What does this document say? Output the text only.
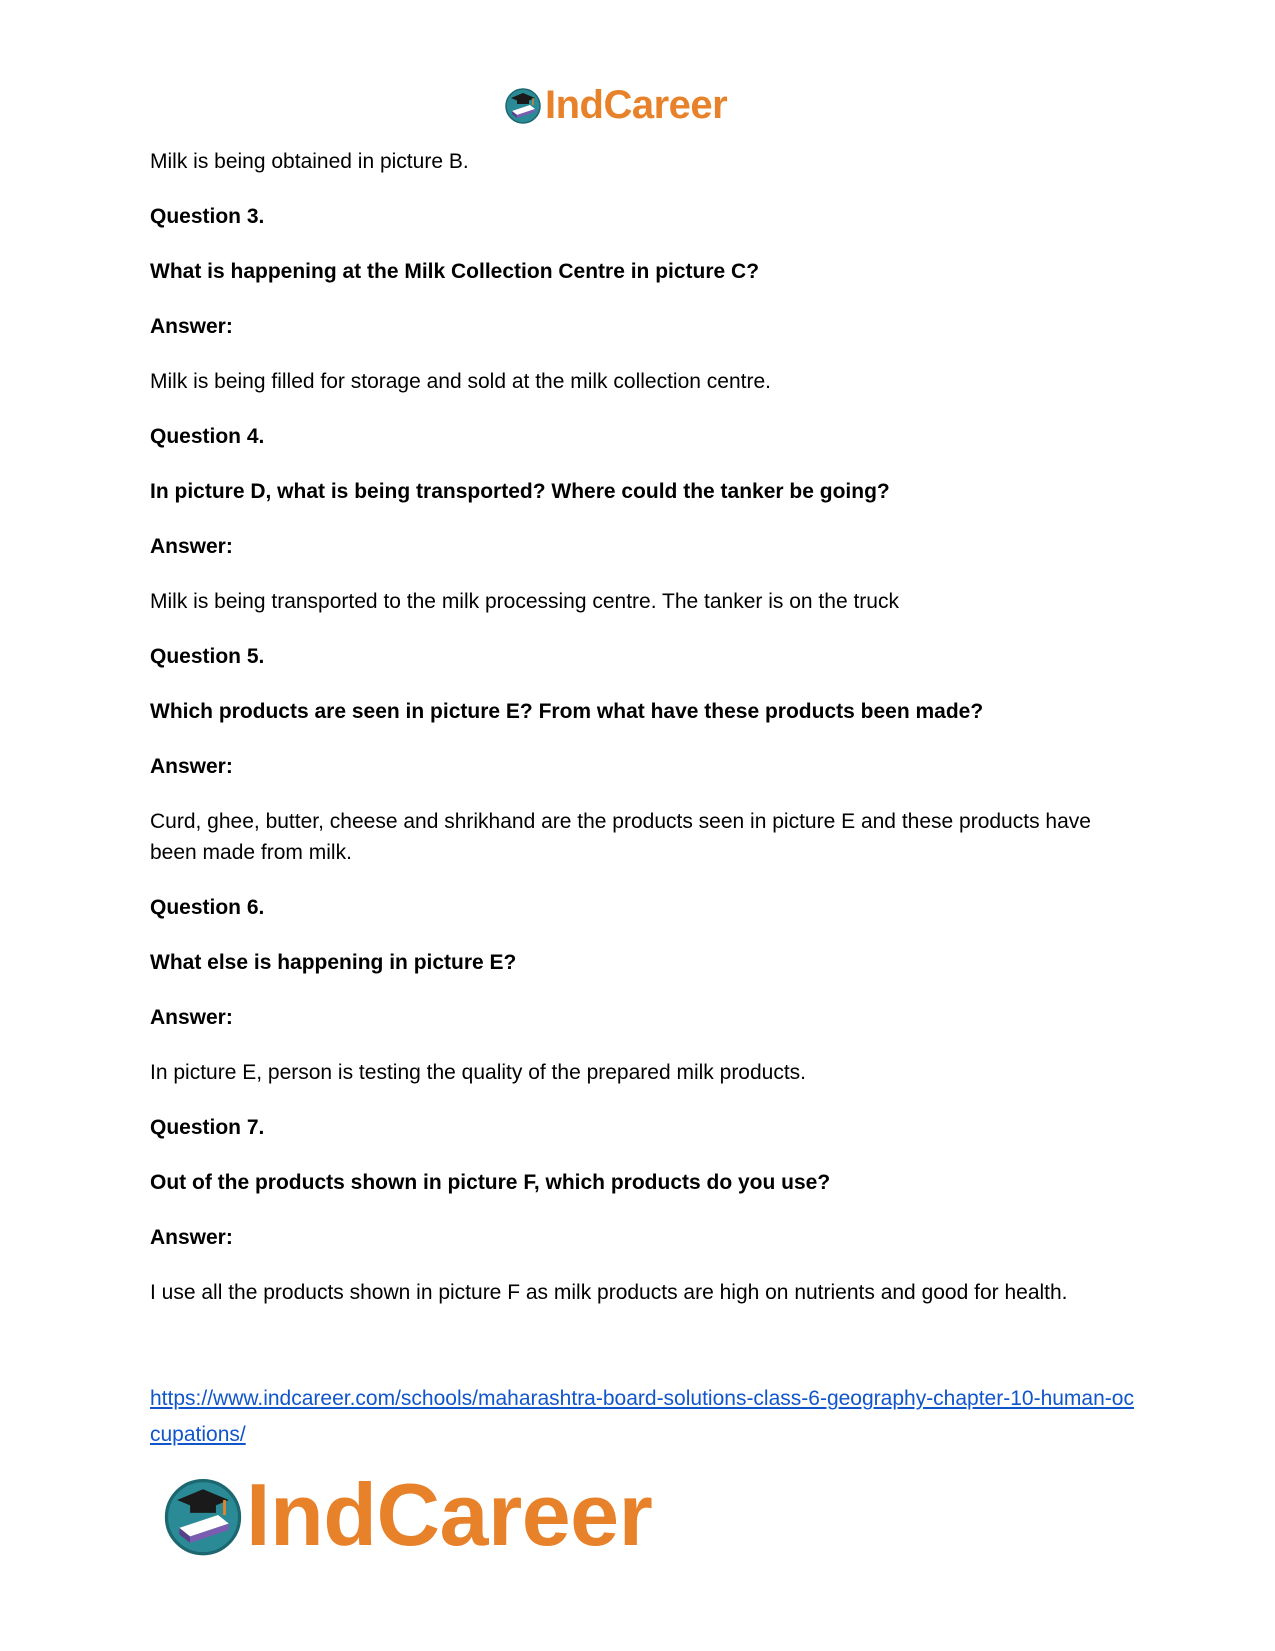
IndCareer

Milk is being obtained in picture B.

Question 3.

What is happening at the Milk Collection Centre in picture C?

Answer:

Milk is being filled for storage and sold at the milk collection centre.

Question 4.

In picture D, what is being transported? Where could the tanker be going?

Answer:

Milk is being transported to the milk processing centre. The tanker is on the truck

Question 5.

Which products are seen in picture E? From what have these products been made?

Answer:

Curd, ghee, butter, cheese and shrikhand are the products seen in picture E and these products have been made from milk.

Question 6.

What else is happening in picture E?

Answer:

In picture E, person is testing the quality of the prepared milk products.

Question 7.

Out of the products shown in picture F, which products do you use?

Answer:

I use all the products shown in picture F as milk products are high on nutrients and good for health.

https://www.indcareer.com/schools/maharashtra-board-solutions-class-6-geography-chapter-10-human-occupations/

IndCareer
